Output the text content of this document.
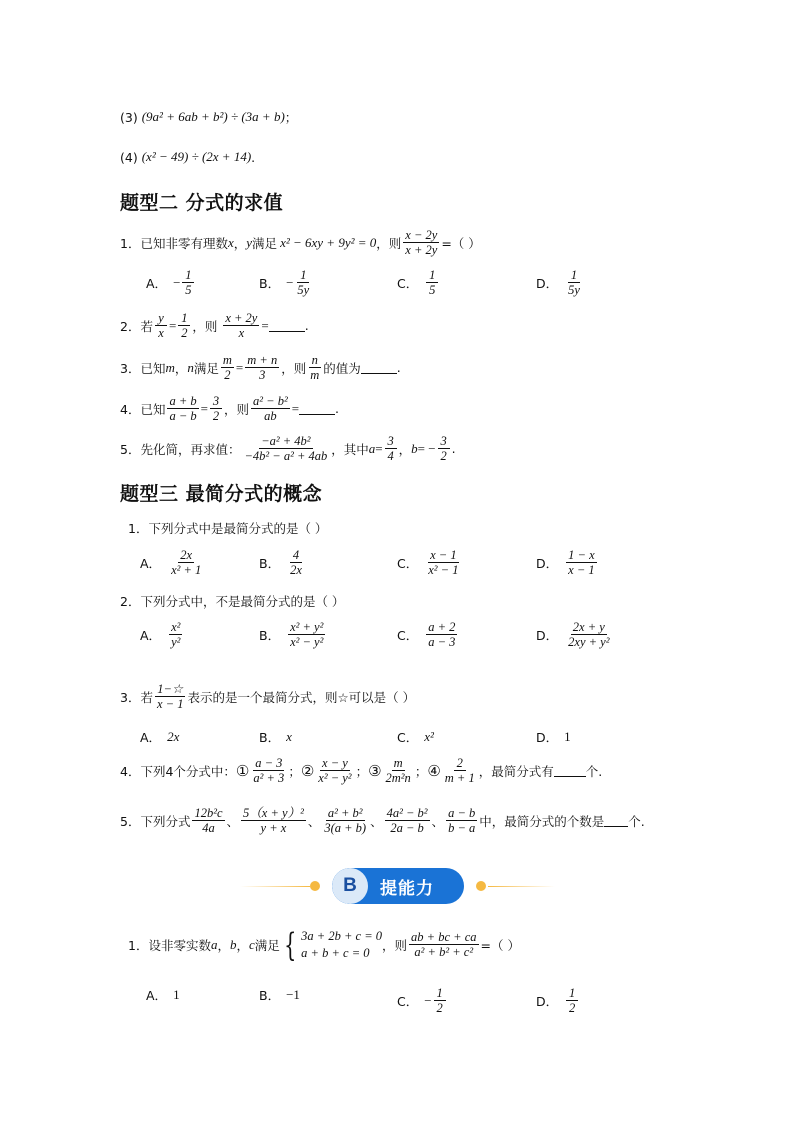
(3) (9a² + 6ab + b²) ÷ (3a + b) ；
(4) (x² − 49) ÷ (2x + 14) .
题型二 分式的求值
1． 已知非零有理数 x ， y 满足 x² − 6xy + 9y² = 0 ，则 $\frac{x - 2y}{x + 2y}$ =（ ）
A． − $\frac{1}{5}$	B． − $\frac{1}{5y}$	C． $\frac{1}{5}$	D． $\frac{1}{5y}$
2． 若 $\frac{y}{x} = \frac{1}{2}$ ，则 $\frac{x + 2y}{x}$ =	.
3． 已知 m ， n 满足 $\frac{m}{2} = \frac{m + n}{3}$ ，则 $\frac{n}{m}$ 的值为	.
4． 已知 $\frac{a + b}{a - b} = \frac{3}{2}$ ，则 $\frac{\text{a² − b²}}{ab}$ =	.
5． 先化简，再求值： $\frac{\text{−a² + 4b²}}{\text{−4b² − a² + 4ab}}$ ，其中 $a = \frac{3}{4}$ ， b = − $\frac{3}{2}$ .
题型三 最简分式的概念
1． 下列分式中是最简分式的是（ ）
A． $\frac{2x}{\text{x² + 1}}$	B． $\frac{4}{2x}$	C． $\frac{x - 1}{\text{x² − 1}}$	D． $\frac{1 - x}{x - 1}$
2． 下列分式中，不是最简分式的是（ ）
A． $\frac{\text{x²}}{\text{y²}}$	B． $\frac{\text{x² + y²}}{\text{x² − y²}}$	C． $\frac{a + 2}{a - 3}$	D． $\frac{2x + y}{\text{2xy + y²}}$
3． 若 $\frac{1-☆}{x - 1}$ 表示的是一个最简分式，则☆可以是（ ）
A． 2x	B． x	C． x²	D． 1
4． 下列4个分式中： ① $\frac{a - 3}{\text{a² + 3}}$ ； ② $\frac{x - y}{\text{x² − y²}}$ ； ③ $\frac{m}{\text{2m²n}}$ ； ④ $\frac{2}{m + 1}$ ，最简分式有	个.
5． 下列分式 $\frac{\text{12b²c}}{4a}$ 、 $\frac{\text{5（x + y）²}}{y + x}$ 、 $\frac{\text{a² + b²}}{3(a + b)}$ 、 $\frac{\text{4a² − b²}}{2a - b}$ 、 $\frac{a - b}{b - a}$ 中，最简分式的个数是 个.
B	提能力
1． 设非零实数 a ， b ， c 满足 { 3a + 2b + c = 0
a + b + c = 0	，则 $\frac{ab + bc + ca}{\text{a² + b² + c²}}$ =（ ）
A． 1	B． −1	C． − $\frac{1}{2}$	D． $\frac{1}{2}$
